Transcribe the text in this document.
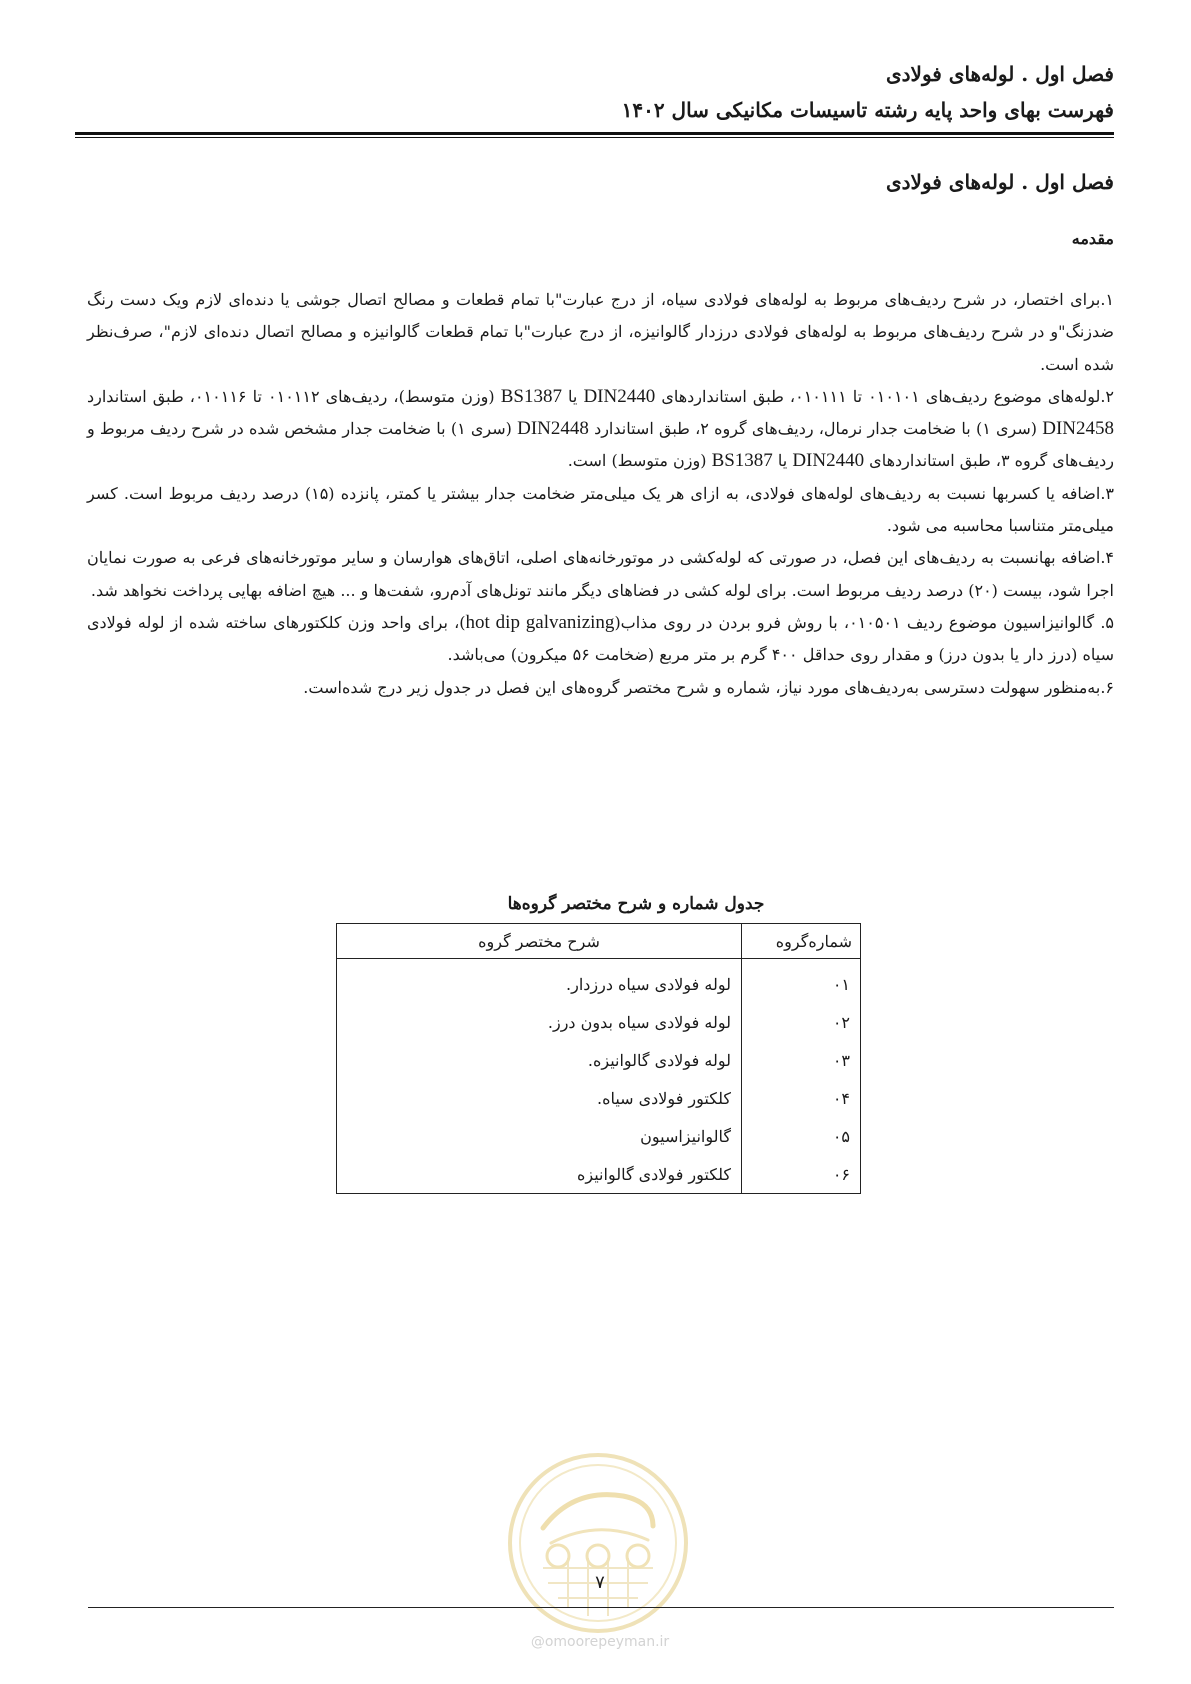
فصل اول . لوله‌های فولادی
فهرست بهای واحد پایه رشته تاسیسات مکانیکی سال ۱۴۰۲
فصل اول . لوله‌های فولادی
مقدمه

۱.برای اختصار، در شرح ردیف‌های مربوط به لوله‌های فولادی سیاه، از درج عبارت"با تمام قطعات و مصالح اتصال جوشی یا دنده‌ای لازم ویک دست رنگ ضدزنگ"و در شرح ردیف‌های مربوط به لوله‌های فولادی درزدار گالوانیزه، از درج عبارت"با تمام قطعات گالوانیزه و مصالح اتصال دنده‌ای لازم"، صرف‌نظر شده است.

۲.لوله‌های موضوع ردیف‌های ۰۱۰۱۰۱ تا ۰۱۰۱۱۱، طبق استانداردهای DIN2440 یا BS1387 (وزن متوسط)، ردیف‌های ۰۱۰۱۱۲ تا ۰۱۰۱۱۶، طبق استاندارد DIN2458 (سری ۱) با ضخامت جدار نرمال، ردیف‌های گروه ۲، طبق استاندارد DIN2448 (سری ۱) با ضخامت جدار مشخص شده در شرح ردیف مربوط و ردیف‌های گروه ۳، طبق استانداردهای DIN2440 یا BS1387 (وزن متوسط) است.

۳.اضافه یا کسربها نسبت به ردیف‌های لوله‌های فولادی، به ازای هر یک میلی‌متر ضخامت جدار بیشتر یا کمتر، پانزده (۱۵) درصد ردیف مربوط است. کسر میلی‌متر متناسبا محاسبه می شود.

۴.اضافه بهانسبت به ردیف‌های این فصل، در صورتی که لوله‌کشی در موتورخانه‌های اصلی، اتاق‌های هوارسان و سایر موتورخانه‌های فرعی به صورت نمایان اجرا شود، بیست (۲۰) درصد ردیف مربوط است. برای لوله کشی در فضاهای دیگر مانند تونل‌های آدم‌رو، شفت‌ها و ... هیچ اضافه بهایی پرداخت نخواهد شد.

۵. گالوانیزاسیون موضوع ردیف ۰۱۰۵۰۱، با روش فرو بردن در روی مذاب(hot dip galvanizing)، برای واحد وزن کلکتورهای ساخته شده از لوله فولادی سیاه (درز دار یا بدون درز) و مقدار روی حداقل ۴۰۰ گرم بر متر مربع (ضخامت ۵۶ میکرون) می‌باشد.

۶.به‌منظور سهولت دسترسی به‌ردیف‌های مورد نیاز، شماره و شرح مختصر گروه‌های این فصل در جدول زیر درج شده‌است.

جدول شماره و شرح مختصر گروه‌ها
شماره‌گروه	شرح مختصر گروه
۰۱	لوله فولادی سیاه درزدار.
۰۲	لوله فولادی سیاه بدون درز.
۰۳	لوله فولادی گالوانیزه.
۰۴	کلکتور فولادی سیاه.
۰۵	گالوانیزاسیون
۰۶	کلکتور فولادی گالوانیزه
۷
@omoorepeyman.ir
